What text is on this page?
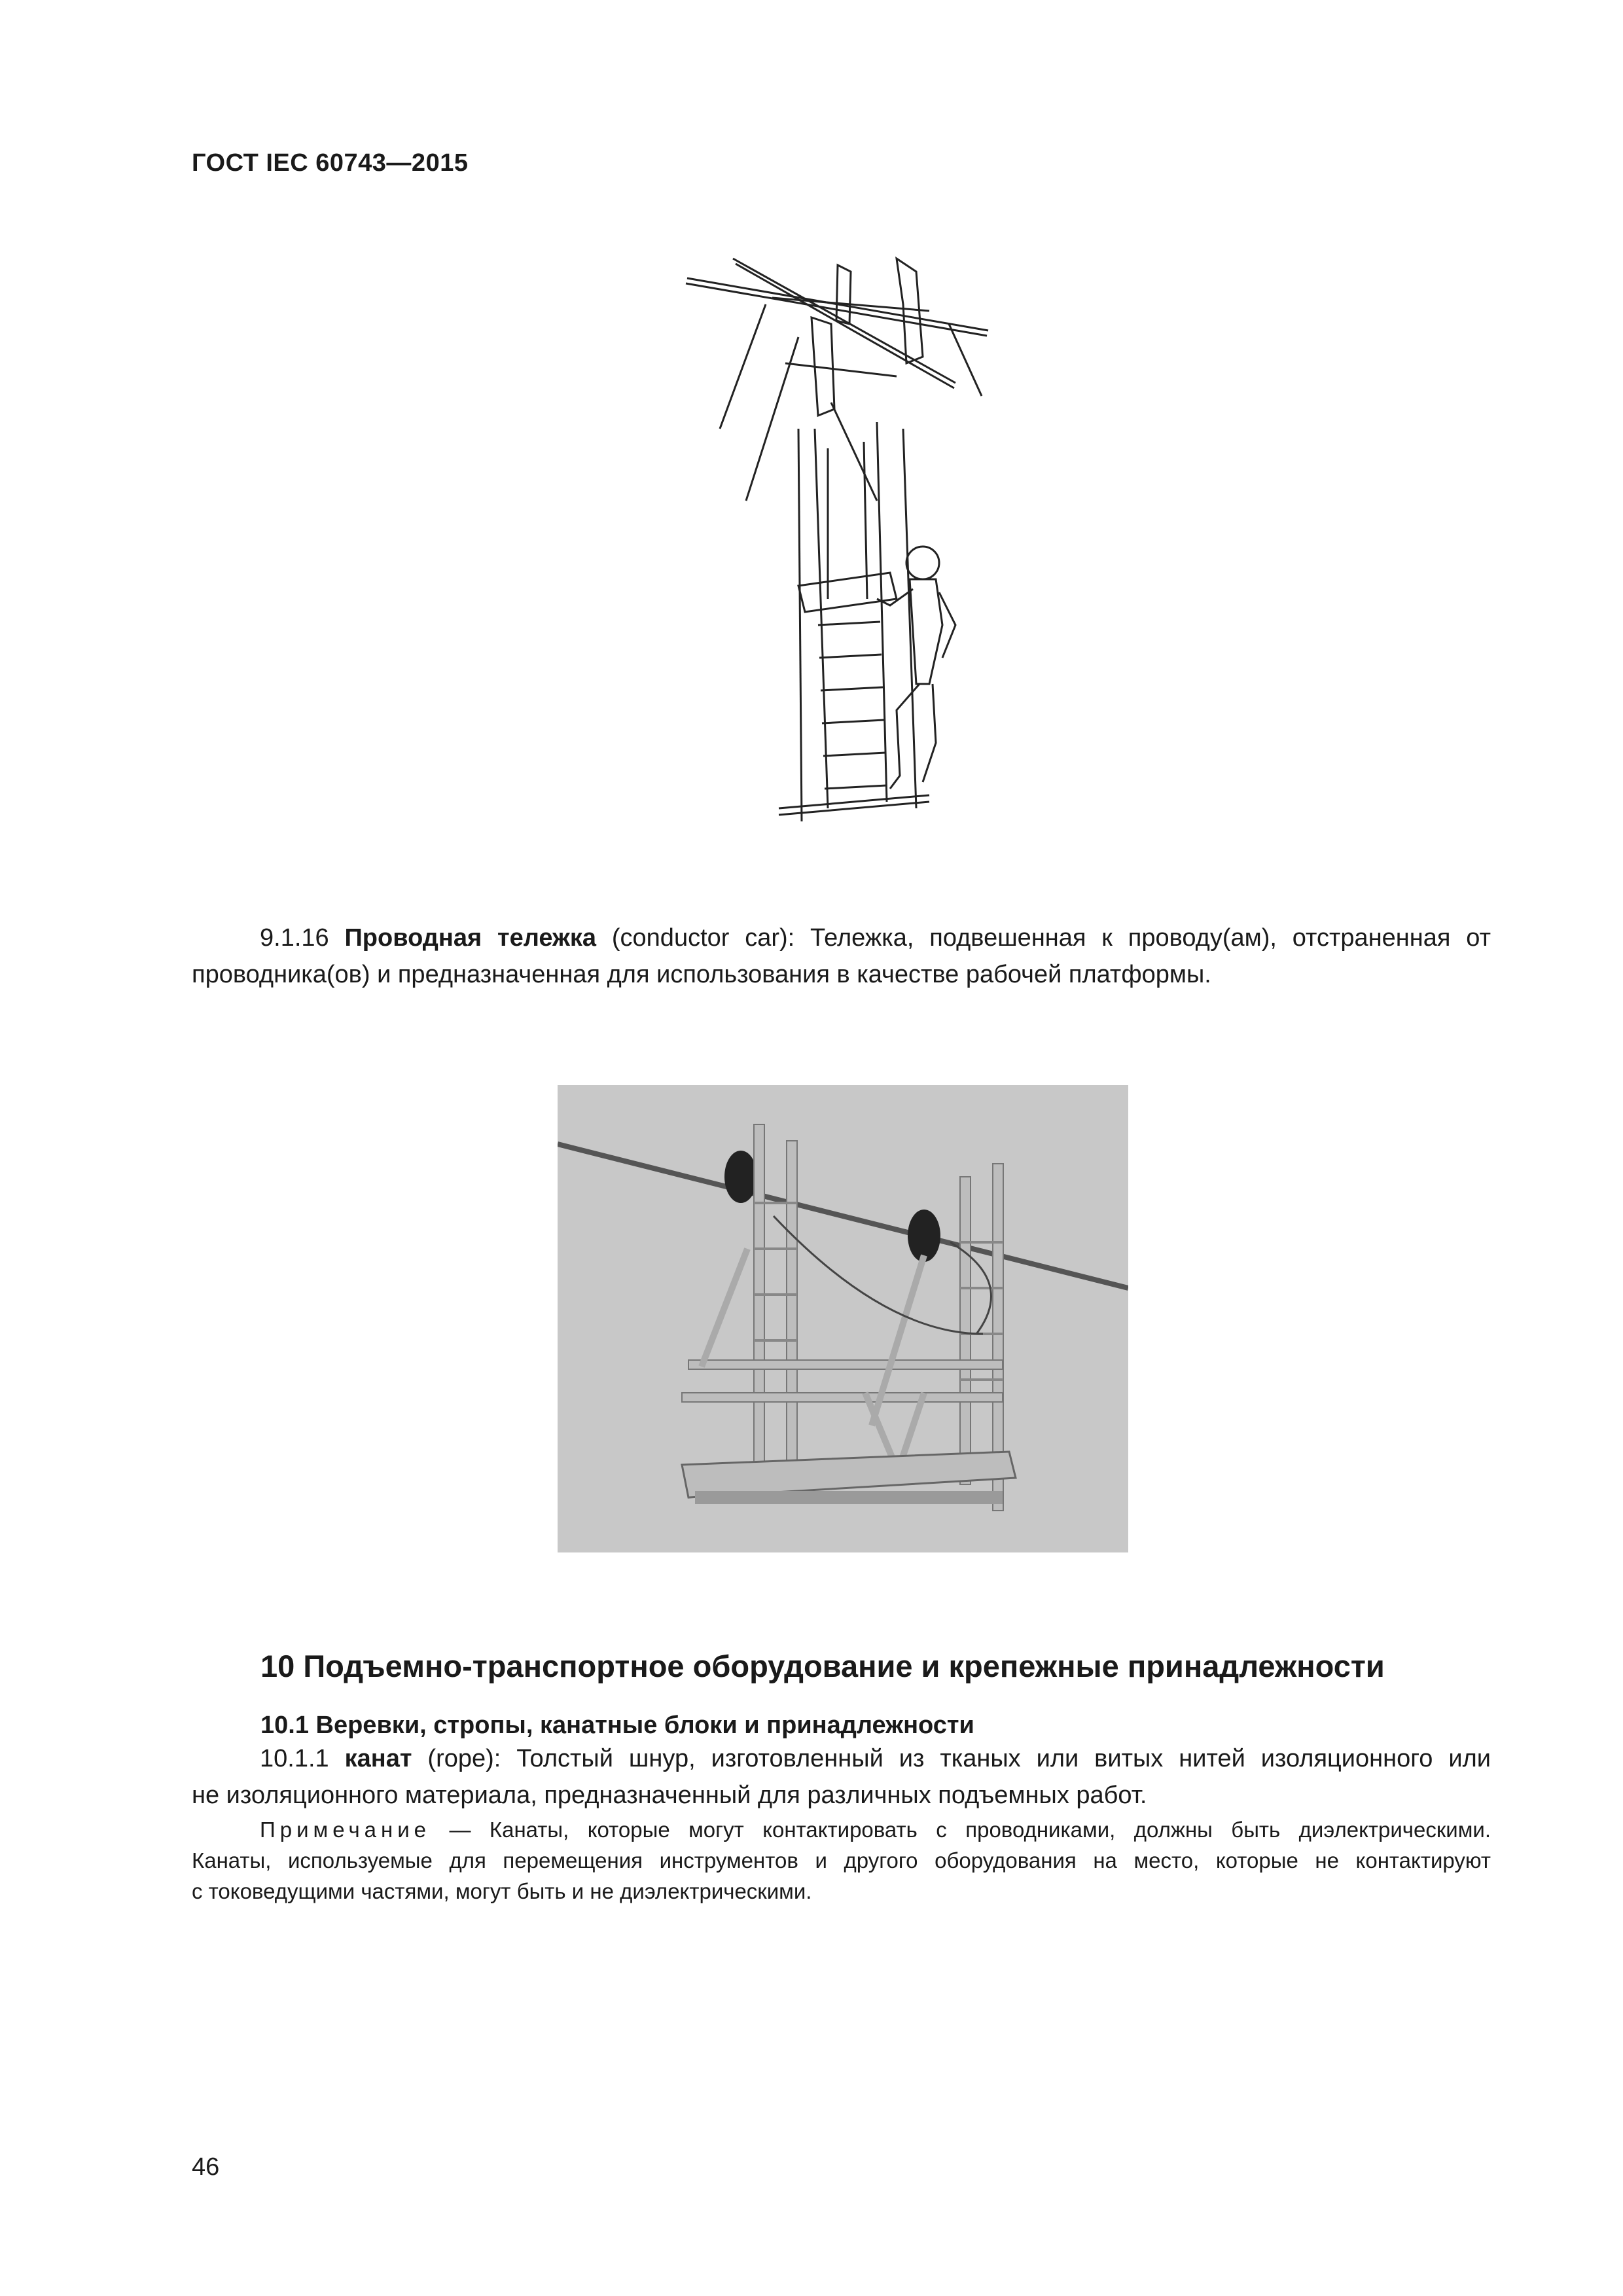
ГОСТ IEC 60743—2015
9.1.16 Проводная тележка (conductor car): Тележка, подвешенная к проводу(ам), отстраненная от
проводника(ов) и предназначенная для использования в качестве рабочей платформы.
10 Подъемно-транспортное оборудование и крепежные принадлежности
10.1 Веревки, стропы, канатные блоки и принадлежности
10.1.1 канат (rope): Толстый шнур, изготовленный из тканых или витых нитей изоляционного или
не изоляционного материала, предназначенный для различных подъемных работ.
Примечание — Канаты, которые могут контактировать с проводниками, должны быть диэлектрическими.
Канаты, используемые для перемещения инструментов и другого оборудования на место, которые не контактируют
с токоведущими частями, могут быть и не диэлектрическими.
46
